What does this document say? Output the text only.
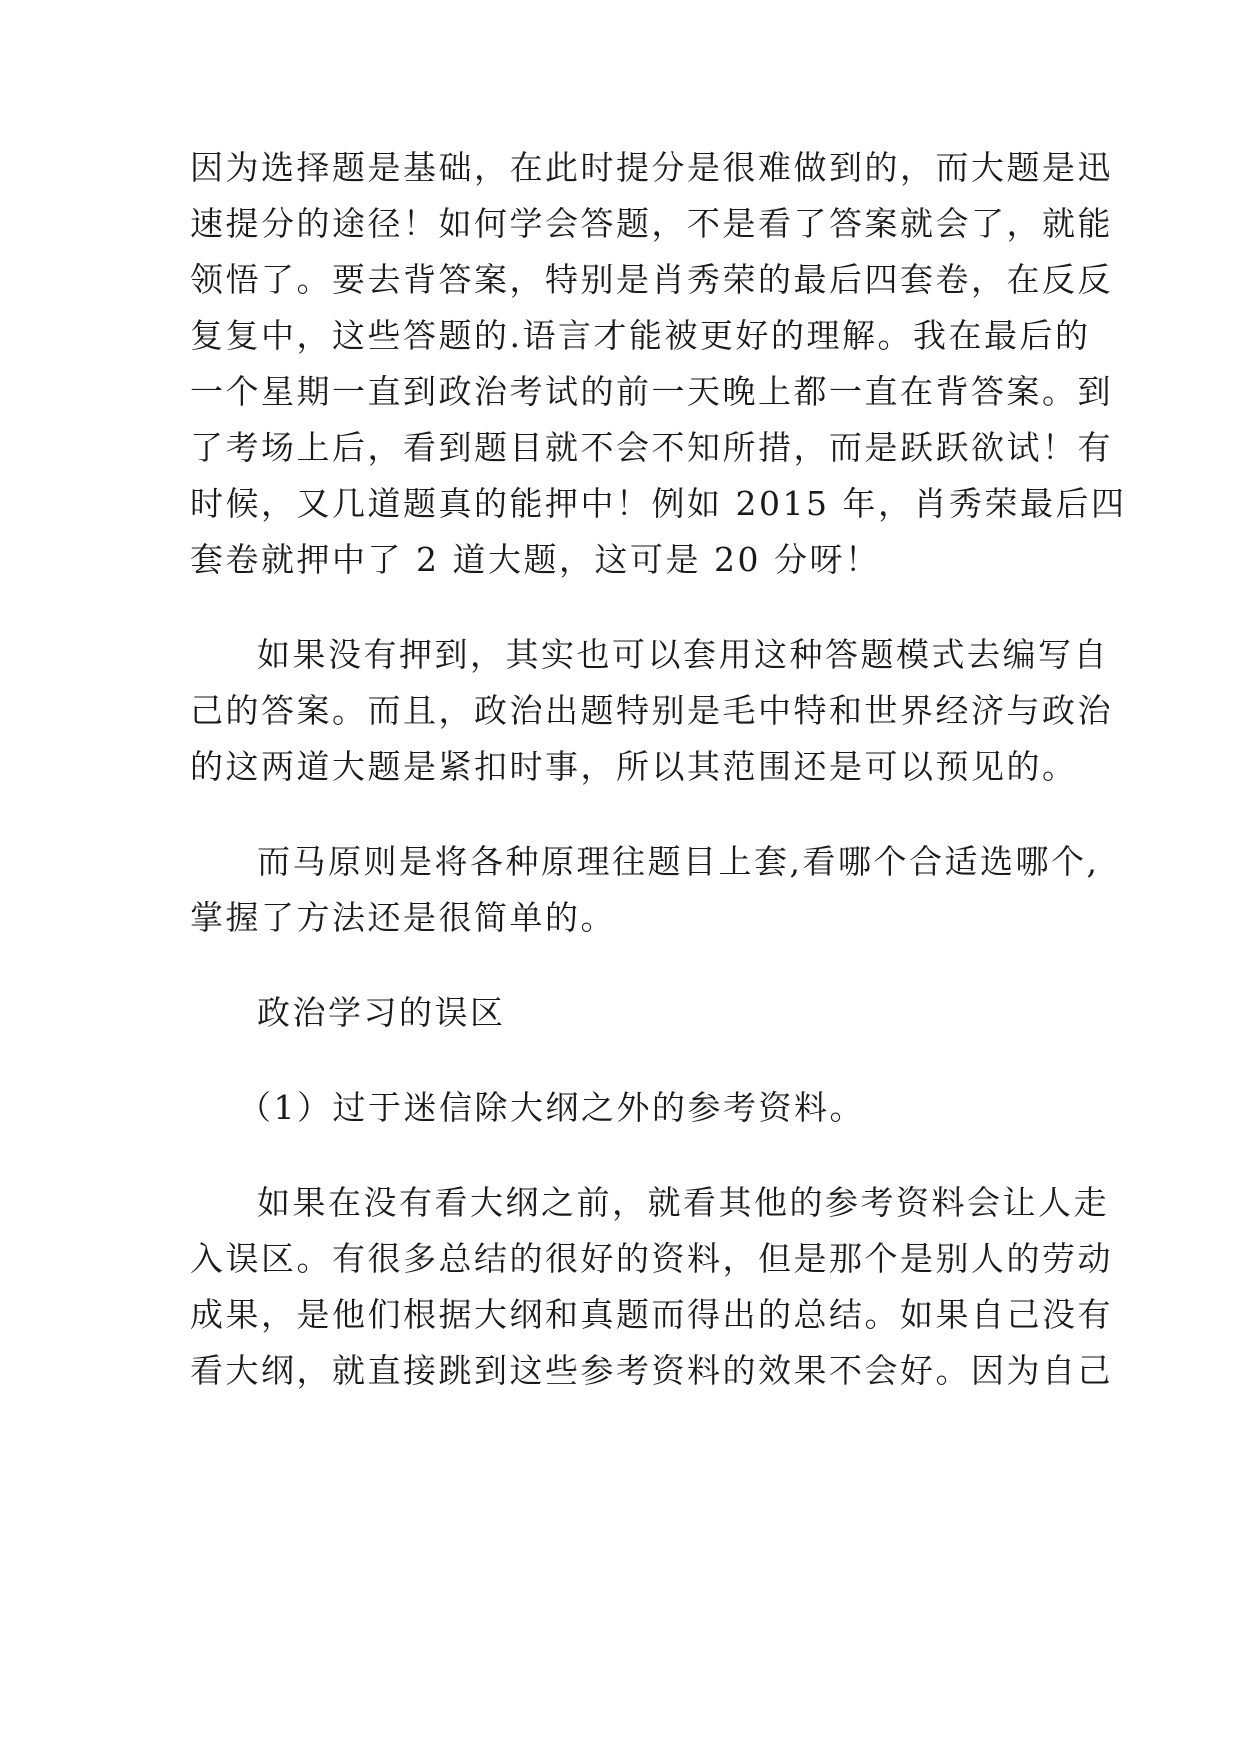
因为选择题是基础，在此时提分是很难做到的，而大题是迅
速提分的途径！如何学会答题，不是看了答案就会了，就能
领悟了。要去背答案，特别是肖秀荣的最后四套卷，在反反
复复中，这些答题的.语言才能被更好的理解。我在最后的
一个星期一直到政治考试的前一天晚上都一直在背答案。到
了考场上后，看到题目就不会不知所措，而是跃跃欲试！有
时候，又几道题真的能押中！例如 2015 年，肖秀荣最后四
套卷就押中了 2 道大题，这可是 20 分呀！
如果没有押到，其实也可以套用这种答题模式去编写自
己的答案。而且，政治出题特别是毛中特和世界经济与政治
的这两道大题是紧扣时事，所以其范围还是可以预见的。
而马原则是将各种原理往题目上套,看哪个合适选哪个,
掌握了方法还是很简单的。
政治学习的误区
（1）过于迷信除大纲之外的参考资料。
如果在没有看大纲之前，就看其他的参考资料会让人走
入误区。有很多总结的很好的资料，但是那个是别人的劳动
成果，是他们根据大纲和真题而得出的总结。如果自己没有
看大纲，就直接跳到这些参考资料的效果不会好。因为自己
